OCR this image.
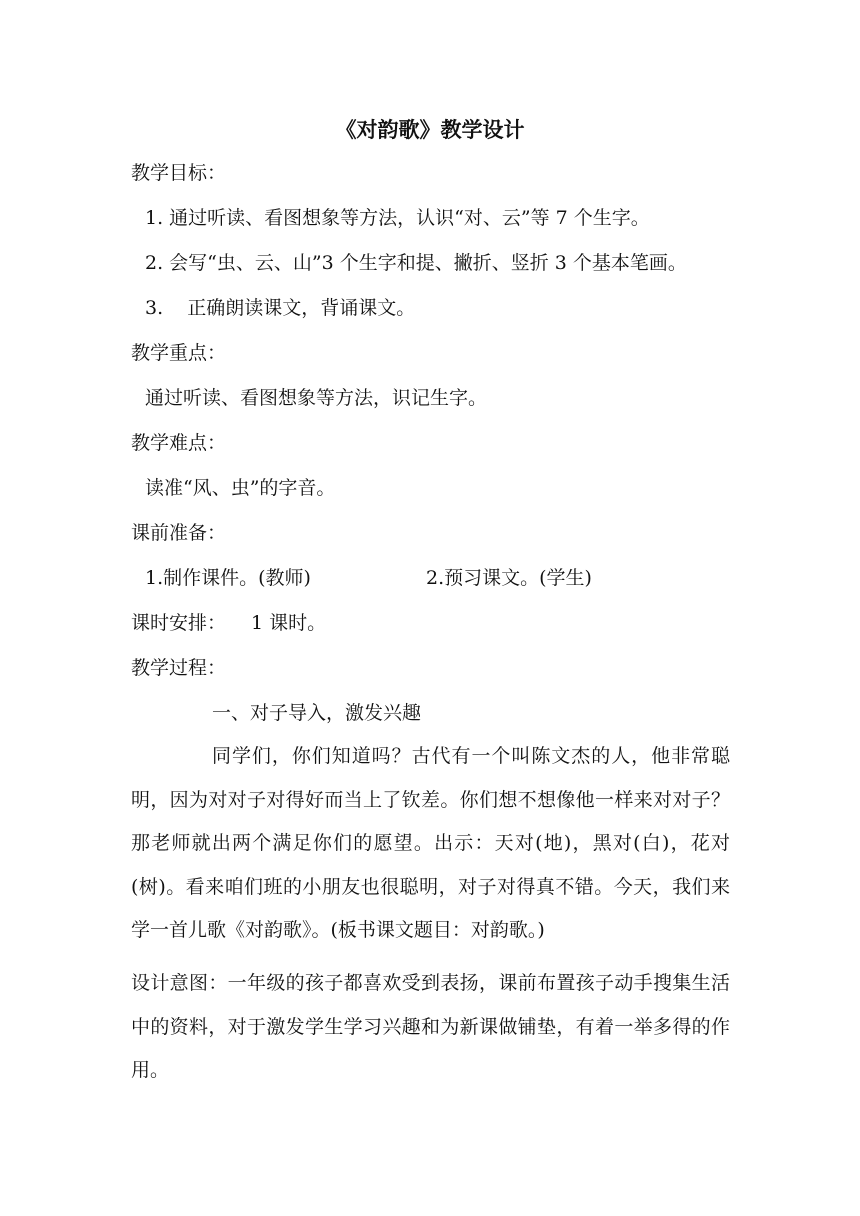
《对韵歌》教学设计
教学目标：
1. 通过听读、看图想象等方法，认识“对、云”等 7 个生字。
2. 会写“虫、云、山”3 个生字和提、撇折、竖折 3 个基本笔画。
3.    正确朗读课文，背诵课文。
教学重点：
通过听读、看图想象等方法，识记生字。
教学难点：
读准“风、虫”的字音。
课前准备：
1.制作课件。(教师)	2.预习课文。(学生)
课时安排： 1 课时。
教学过程：
一、对子导入，激发兴趣
同学们，你们知道吗？古代有一个叫陈文杰的人，他非常聪明，因为对对子对得好而当上了钦差。你们想不想像他一样来对对子？那老师就出两个满足你们的愿望。出示：天对(地)，黑对(白)，花对(树)。看来咱们班的小朋友也很聪明，对子对得真不错。今天，我们来学一首儿歌《对韵歌》。(板书课文题目：对韵歌。)
设计意图：一年级的孩子都喜欢受到表扬，课前布置孩子动手搜集生活中的资料，对于激发学生学习兴趣和为新课做铺垫，有着一举多得的作用。
